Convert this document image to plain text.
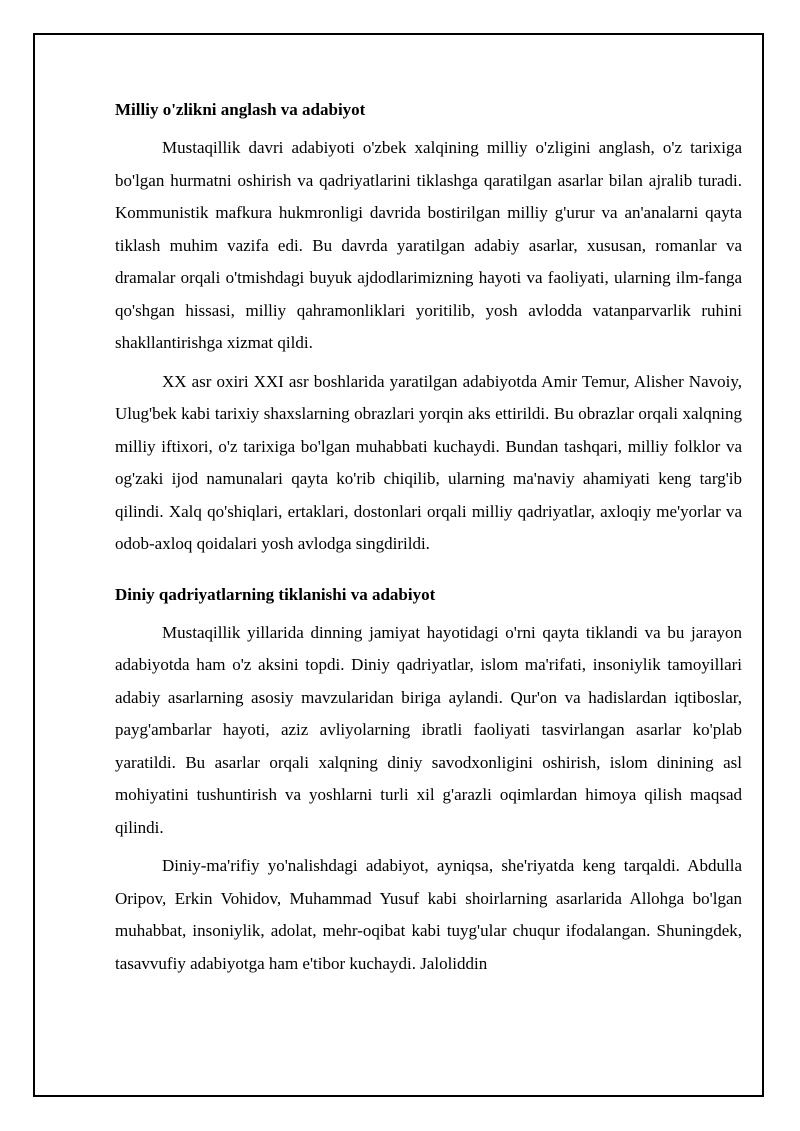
Milliy o'zlikni anglash va adabiyot

Mustaqillik davri adabiyoti o'zbek xalqining milliy o'zligini anglash, o'z tarixiga bo'lgan hurmatni oshirish va qadriyatlarini tiklashga qaratilgan asarlar bilan ajralib turadi. Kommunistik mafkura hukmronligi davrida bostirilgan milliy g'urur va an'analarni qayta tiklash muhim vazifa edi. Bu davrda yaratilgan adabiy asarlar, xususan, romanlar va dramalar orqali o'tmishdagi buyuk ajdodlarimizning hayoti va faoliyati, ularning ilm-fanga qo'shgan hissasi, milliy qahramonliklari yoritilib, yosh avlodda vatanparvarlik ruhini shakllantirishga xizmat qildi.

XX asr oxiri XXI asr boshlarida yaratilgan adabiyotda Amir Temur, Alisher Navoiy, Ulug'bek kabi tarixiy shaxslarning obrazlari yorqin aks ettirildi. Bu obrazlar orqali xalqning milliy iftixori, o'z tarixiga bo'lgan muhabbati kuchaydi. Bundan tashqari, milliy folklor va og'zaki ijod namunalari qayta ko'rib chiqilib, ularning ma'naviy ahamiyati keng targ'ib qilindi. Xalq qo'shiqlari, ertaklari, dostonlari orqali milliy qadriyatlar, axloqiy me'yorlar va odob-axloq qoidalari yosh avlodga singdirildi.

Diniy qadriyatlarning tiklanishi va adabiyot

Mustaqillik yillarida dinning jamiyat hayotidagi o'rni qayta tiklandi va bu jarayon adabiyotda ham o'z aksini topdi. Diniy qadriyatlar, islom ma'rifati, insoniylik tamoyillari adabiy asarlarning asosiy mavzularidan biriga aylandi. Qur'on va hadislardan iqtiboslar, payg'ambarlar hayoti, aziz avliyolarning ibratli faoliyati tasvirlangan asarlar ko'plab yaratildi. Bu asarlar orqali xalqning diniy savodxonligini oshirish, islom dinining asl mohiyatini tushuntirish va yoshlarni turli xil g'arazli oqimlardan himoya qilish maqsad qilindi.

Diniy-ma'rifiy yo'nalishdagi adabiyot, ayniqsa, she'riyatda keng tarqaldi. Abdulla Oripov, Erkin Vohidov, Muhammad Yusuf kabi shoirlarning asarlarida Allohga bo'lgan muhabbat, insoniylik, adolat, mehr-oqibat kabi tuyg'ular chuqur ifodalangan. Shuningdek, tasavvufiy adabiyotga ham e'tibor kuchaydi. Jaloliddin
